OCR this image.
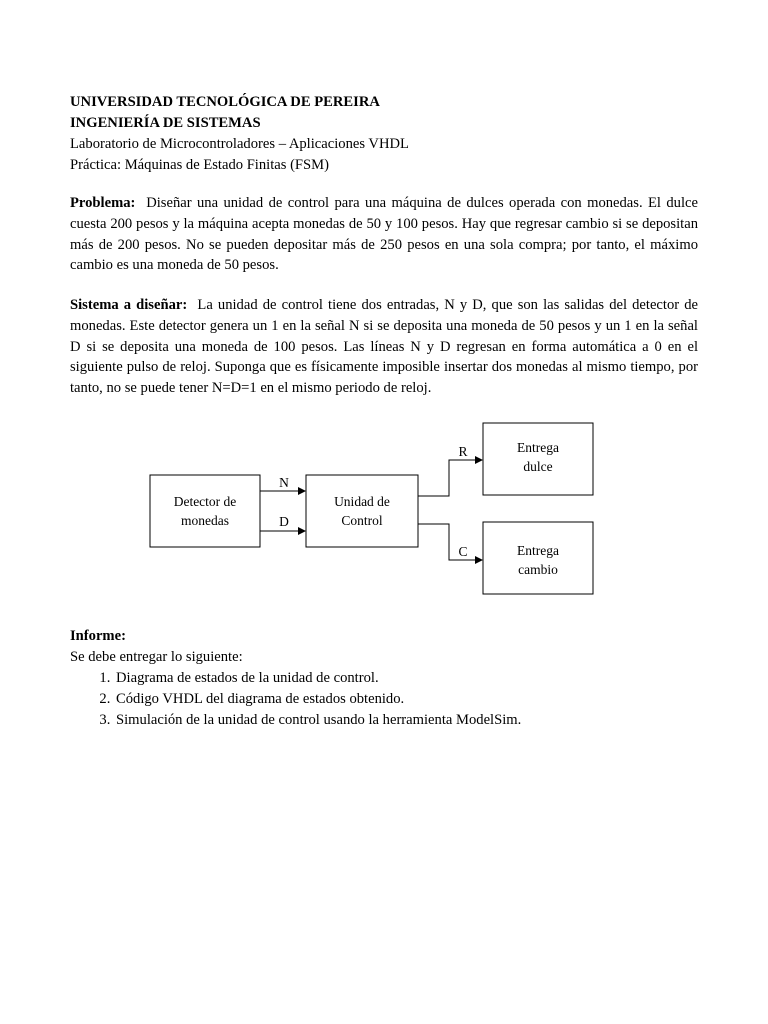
UNIVERSIDAD TECNOLÓGICA DE PEREIRA
INGENIERÍA DE SISTEMAS
Laboratorio de Microcontroladores – Aplicaciones VHDL
Práctica: Máquinas de Estado Finitas (FSM)

Problema: Diseñar una unidad de control para una máquina de dulces operada con monedas. El dulce cuesta 200 pesos y la máquina acepta monedas de 50 y 100 pesos. Hay que regresar cambio si se depositan más de 200 pesos. No se pueden depositar más de 250 pesos en una sola compra; por tanto, el máximo cambio es una moneda de 50 pesos.

Sistema a diseñar: La unidad de control tiene dos entradas, N y D, que son las salidas del detector de monedas. Este detector genera un 1 en la señal N si se deposita una moneda de 50 pesos y un 1 en la señal D si se deposita una moneda de 100 pesos. Las líneas N y D regresan en forma automática a 0 en el siguiente pulso de reloj. Suponga que es físicamente imposible insertar dos monedas al mismo tiempo, por tanto, no se puede tener N=D=1 en el mismo periodo de reloj.

Informe:
Se debe entregar lo siguiente:
1. Diagrama de estados de la unidad de control.
2. Código VHDL del diagrama de estados obtenido.
3. Simulación de la unidad de control usando la herramienta ModelSim.
Detector de
monedas
Unidad de
Control
Entrega
dulce
Entrega
cambio
N
D
R
C
